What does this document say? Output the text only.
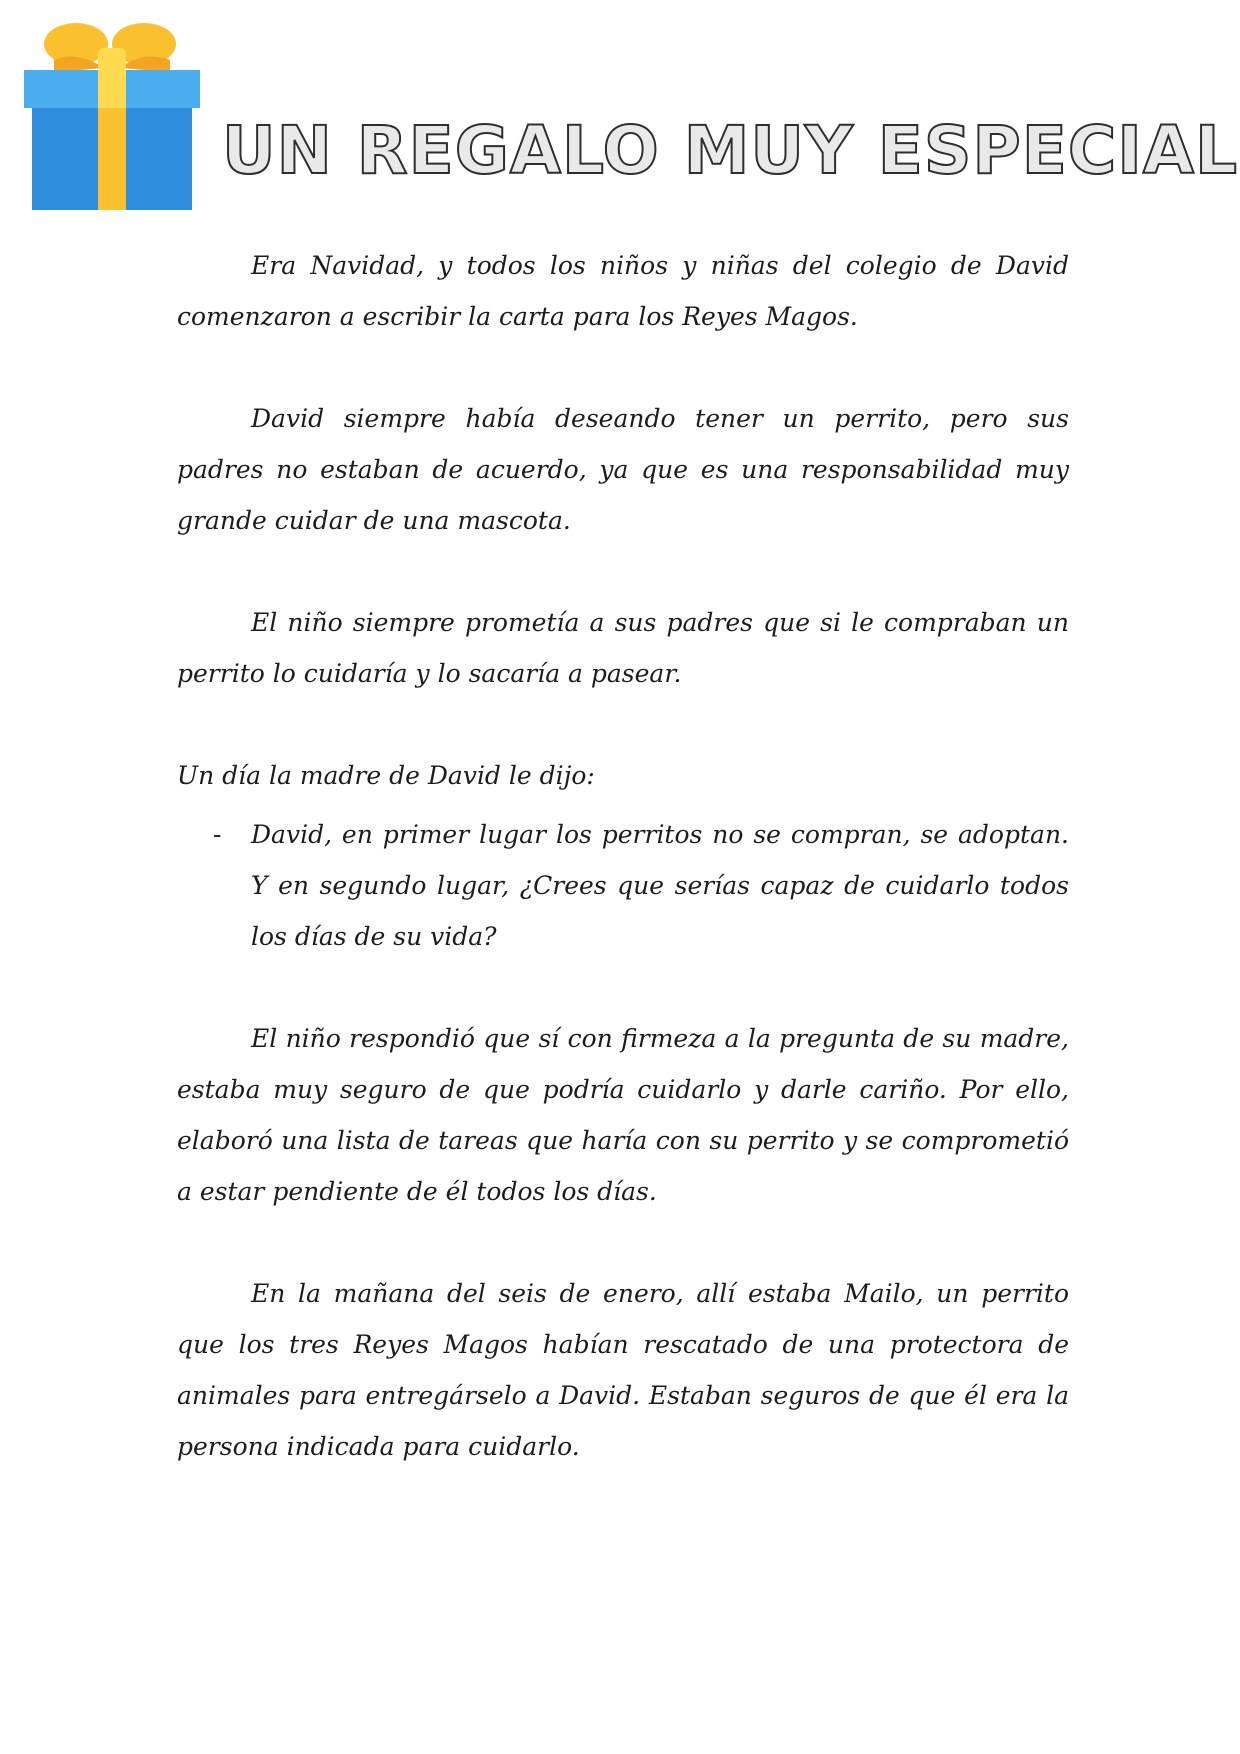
UN REGALO MUY ESPECIAL

Era Navidad, y todos los niños y niñas del colegio de David comenzaron a escribir la carta para los Reyes Magos.

David siempre había deseando tener un perrito, pero sus padres no estaban de acuerdo, ya que es una responsabilidad muy grande cuidar de una mascota.

El niño siempre prometía a sus padres que si le compraban un perrito lo cuidaría y lo sacaría a pasear.

Un día la madre de David le dijo:

- David, en primer lugar los perritos no se compran, se adoptan. Y en segundo lugar, ¿Crees que serías capaz de cuidarlo todos los días de su vida?

El niño respondió que sí con firmeza a la pregunta de su madre, estaba muy seguro de que podría cuidarlo y darle cariño. Por ello, elaboró una lista de tareas que haría con su perrito y se comprometió a estar pendiente de él todos los días.

En la mañana del seis de enero, allí estaba Mailo, un perrito que los tres Reyes Magos habían rescatado de una protectora de animales para entregárselo a David. Estaban seguros de que él era la persona indicada para cuidarlo.
